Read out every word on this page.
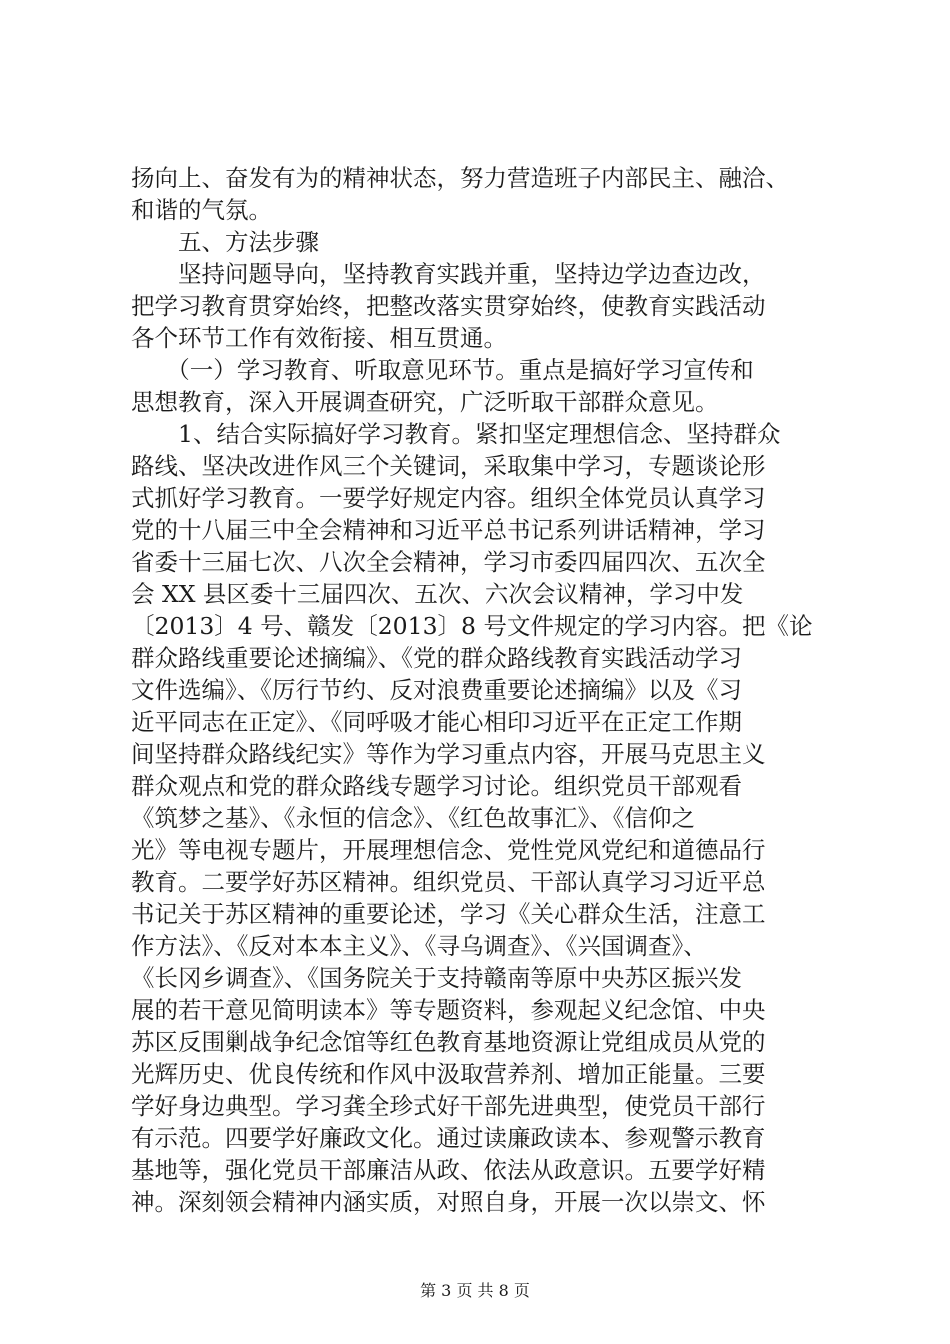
扬向上、奋发有为的精神状态，努力营造班子内部民主、融洽、
和谐的气氛。
　　五、方法步骤
　　坚持问题导向，坚持教育实践并重，坚持边学边查边改，
把学习教育贯穿始终，把整改落实贯穿始终，使教育实践活动
各个环节工作有效衔接、相互贯通。
　　（一）学习教育、听取意见环节。重点是搞好学习宣传和
思想教育，深入开展调查研究，广泛听取干部群众意见。
　　1、结合实际搞好学习教育。紧扣坚定理想信念、坚持群众
路线、坚决改进作风三个关键词，采取集中学习，专题谈论形
式抓好学习教育。一要学好规定内容。组织全体党员认真学习
党的十八届三中全会精神和习近平总书记系列讲话精神，学习
省委十三届七次、八次全会精神，学习市委四届四次、五次全
会 XX 县区委十三届四次、五次、六次会议精神，学习中发
〔2013〕4 号、赣发〔2013〕8 号文件规定的学习内容。把《论
群众路线重要论述摘编》、《党的群众路线教育实践活动学习
文件选编》、《厉行节约、反对浪费重要论述摘编》以及《习
近平同志在正定》、《同呼吸才能心相印习近平在正定工作期
间坚持群众路线纪实》等作为学习重点内容，开展马克思主义
群众观点和党的群众路线专题学习讨论。组织党员干部观看
《筑梦之基》、《永恒的信念》、《红色故事汇》、《信仰之
光》等电视专题片，开展理想信念、党性党风党纪和道德品行
教育。二要学好苏区精神。组织党员、干部认真学习习近平总
书记关于苏区精神的重要论述，学习《关心群众生活，注意工
作方法》、《反对本本主义》、《寻乌调查》、《兴国调查》、
《长冈乡调查》、《国务院关于支持赣南等原中央苏区振兴发
展的若干意见简明读本》等专题资料，参观起义纪念馆、中央
苏区反围剿战争纪念馆等红色教育基地资源让党组成员从党的
光辉历史、优良传统和作风中汲取营养剂、增加正能量。三要
学好身边典型。学习龚全珍式好干部先进典型，使党员干部行
有示范。四要学好廉政文化。通过读廉政读本、参观警示教育
基地等，强化党员干部廉洁从政、依法从政意识。五要学好精
神。深刻领会精神内涵实质，对照自身，开展一次以崇文、怀
第 3 页 共 8 页
